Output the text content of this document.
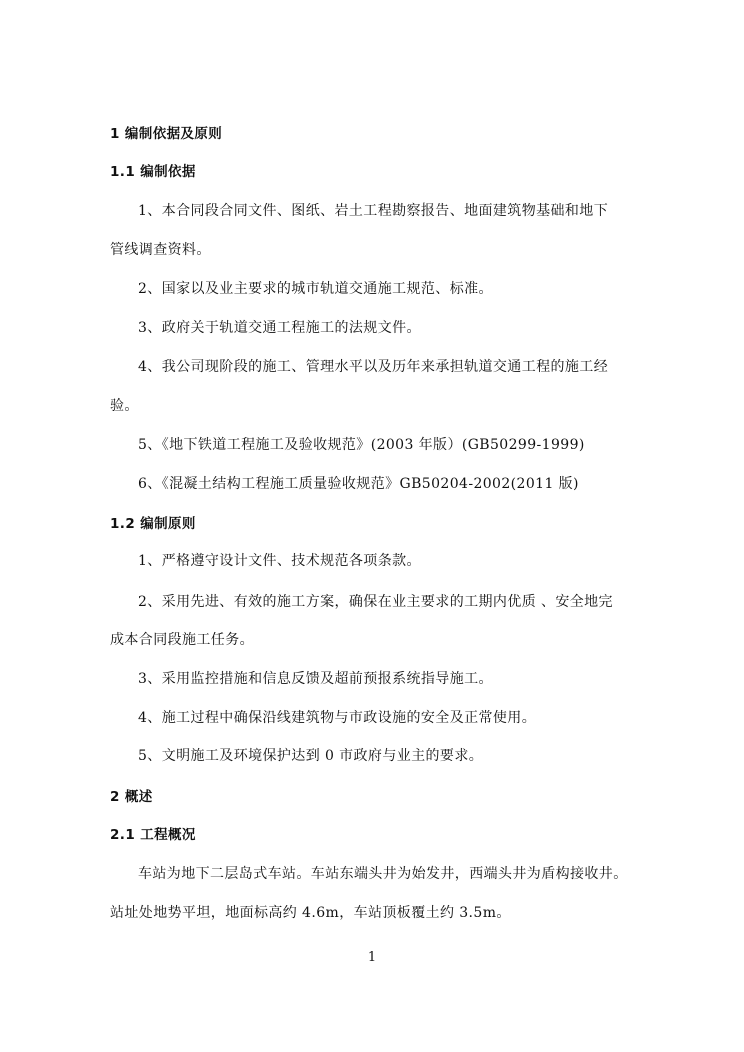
1 编制依据及原则
1.1 编制依据
1、本合同段合同文件、图纸、岩土工程勘察报告、地面建筑物基础和地下
管线调查资料。
2、国家以及业主要求的城市轨道交通施工规范、标准。
3、政府关于轨道交通工程施工的法规文件。
4、我公司现阶段的施工、管理水平以及历年来承担轨道交通工程的施工经
验。
5、《地下铁道工程施工及验收规范》(2003 年版）(GB50299-1999)
6、《混凝土结构工程施工质量验收规范》GB50204-2002(2011 版)
1.2 编制原则
1、严格遵守设计文件、技术规范各项条款。
2、采用先进、有效的施工方案，确保在业主要求的工期内优质 、安全地完
成本合同段施工任务。
3、采用监控措施和信息反馈及超前预报系统指导施工。
4、施工过程中确保沿线建筑物与市政设施的安全及正常使用。
5、文明施工及环境保护达到 0 市政府与业主的要求。
2 概述
2.1 工程概况
车站为地下二层岛式车站。车站东端头井为始发井，西端头井为盾构接收井。
站址处地势平坦，地面标高约 4.6m，车站顶板覆土约 3.5m。
1
